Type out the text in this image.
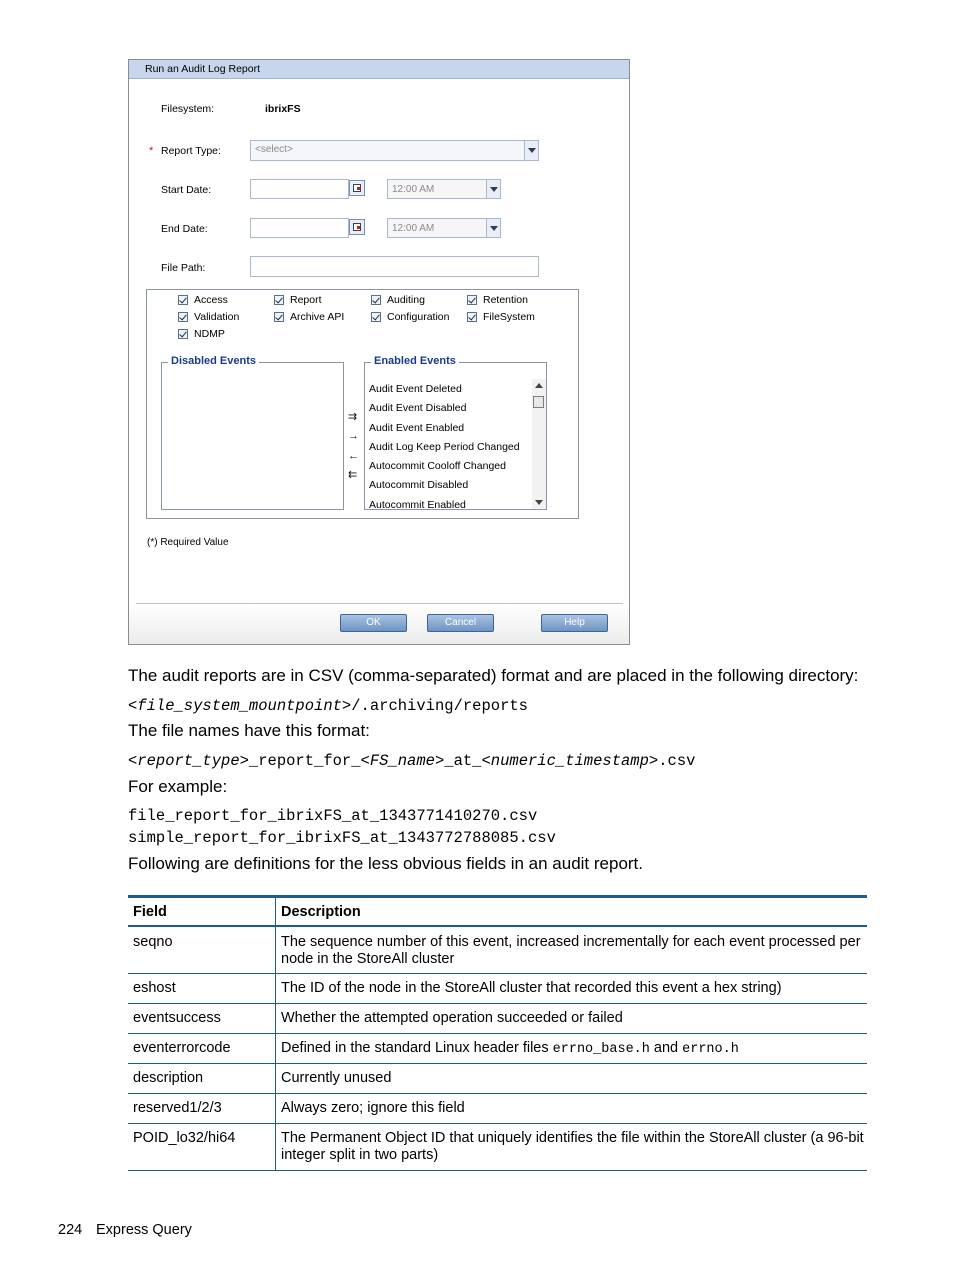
Run an Audit Log Report
Filesystem:	ibrixFS
* Report Type:	<select>
Start Date:	12:00 AM
End Date:	12:00 AM
File Path:
Access	Report	Auditing	Retention
Validation	Archive API	Configuration	FileSystem
NDMP
Disabled Events
⇉
→
←
⇇
Enabled Events
Audit Event Deleted
Audit Event Disabled
Audit Event Enabled
Audit Log Keep Period Changed
Autocommit Cooloff Changed
Autocommit Disabled
Autocommit Enabled
(*) Required Value
OK	Cancel	Help
The audit reports are in CSV (comma-separated) format and are placed in the following directory:
<file_system_mountpoint>/.archiving/reports
The file names have this format:
<report_type>_report_for_<FS_name>_at_<numeric_timestamp>.csv
For example:
file_report_for_ibrixFS_at_1343771410270.csv
simple_report_for_ibrixFS_at_1343772788085.csv
Following are definitions for the less obvious fields in an audit report.
Field	Description
seqno	The sequence number of this event, increased incrementally for each event processed per node in the StoreAll cluster
eshost	The ID of the node in the StoreAll cluster that recorded this event a hex string)
eventsuccess	Whether the attempted operation succeeded or failed
eventerrorcode	Defined in the standard Linux header files errno_base.h and errno.h
description	Currently unused
reserved1/2/3	Always zero; ignore this field
POID_lo32/hi64	The Permanent Object ID that uniquely identifies the file within the StoreAll cluster (a 96-bit integer split in two parts)
224 Express Query
